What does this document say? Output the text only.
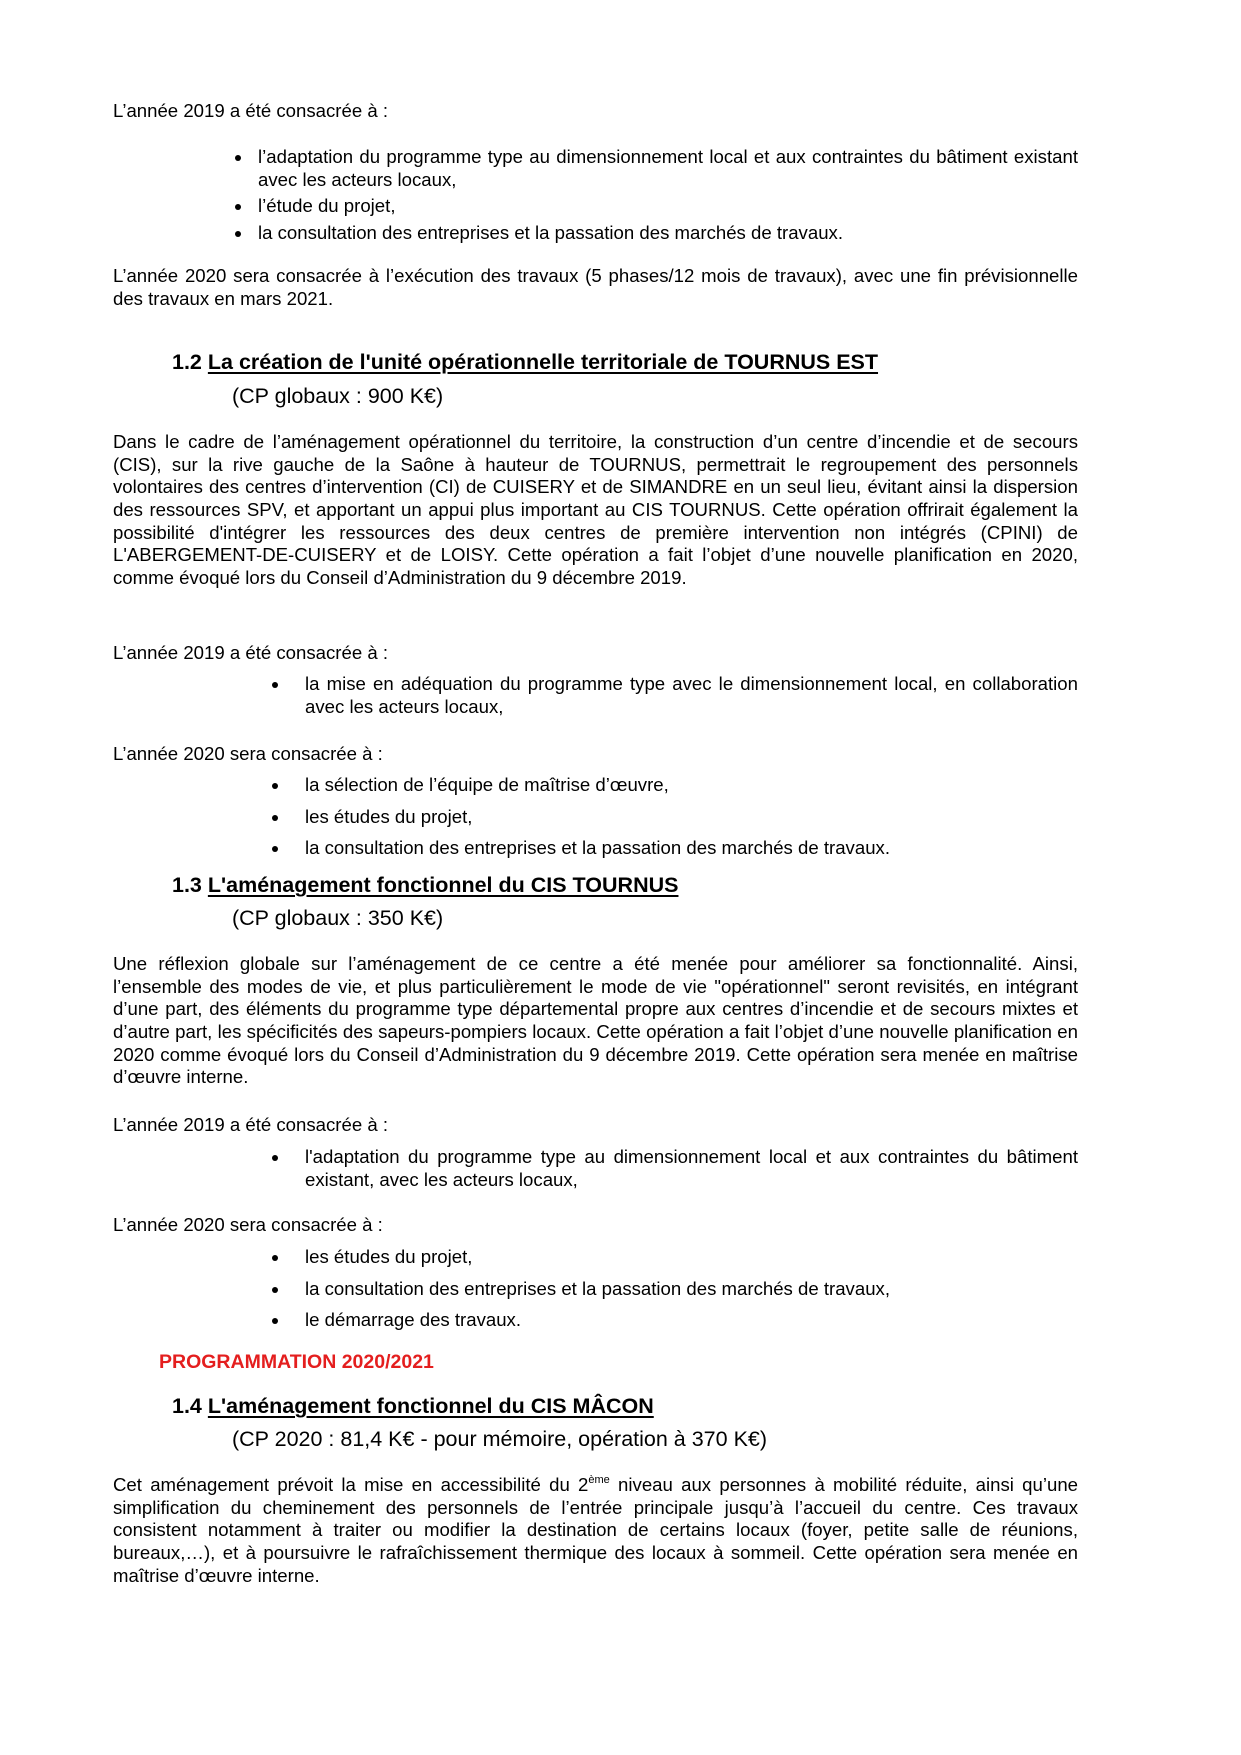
L’année 2019 a été consacrée à :

l’adaptation du programme type au dimensionnement local et aux contraintes du bâtiment existant avec les acteurs locaux,
l’étude du projet,
la consultation des entreprises et la passation des marchés de travaux.

L’année 2020 sera consacrée à l’exécution des travaux (5 phases/12 mois de travaux), avec une fin prévisionnelle des travaux en mars 2021.

1.2 La création de l'unité opérationnelle territoriale de TOURNUS EST

(CP globaux : 900 K€)

Dans le cadre de l’aménagement opérationnel du territoire, la construction d’un centre d’incendie et de secours (CIS), sur la rive gauche de la Saône à hauteur de TOURNUS, permettrait le regroupement des personnels volontaires des centres d’intervention (CI) de CUISERY et de SIMANDRE en un seul lieu, évitant ainsi la dispersion des ressources SPV, et apportant un appui plus important au CIS TOURNUS. Cette opération offrirait également la possibilité d'intégrer les ressources des deux centres de première intervention non intégrés (CPINI) de L'ABERGEMENT-DE-CUISERY et de LOISY. Cette opération a fait l’objet d’une nouvelle planification en 2020, comme évoqué lors du Conseil d’Administration du 9 décembre 2019.

L’année 2019 a été consacrée à :

la mise en adéquation du programme type avec le dimensionnement local, en collaboration avec les acteurs locaux,

L’année 2020 sera consacrée à :

la sélection de l’équipe de maîtrise d’œuvre,
les études du projet,
la consultation des entreprises et la passation des marchés de travaux.
1.3 L'aménagement fonctionnel du CIS TOURNUS

(CP globaux : 350 K€)

Une réflexion globale sur l’aménagement de ce centre a été menée pour améliorer sa fonctionnalité. Ainsi, l’ensemble des modes de vie, et plus particulièrement le mode de vie "opérationnel" seront revisités, en intégrant d’une part, des éléments du programme type départemental propre aux centres d’incendie et de secours mixtes et d’autre part, les spécificités des sapeurs-pompiers locaux. Cette opération a fait l’objet d’une nouvelle planification en 2020 comme évoqué lors du Conseil d’Administration du 9 décembre 2019. Cette opération sera menée en maîtrise d’œuvre interne.

L’année 2019 a été consacrée à :

l'adaptation du programme type au dimensionnement local et aux contraintes du bâtiment existant, avec les acteurs locaux,

L’année 2020 sera consacrée à :

les études du projet,
la consultation des entreprises et la passation des marchés de travaux,
le démarrage des travaux.

PROGRAMMATION 2020/2021

1.4 L'aménagement fonctionnel du CIS MÂCON

(CP 2020 : 81,4 K€ - pour mémoire, opération à 370 K€)

Cet aménagement prévoit la mise en accessibilité du 2ème niveau aux personnes à mobilité réduite, ainsi qu’une simplification du cheminement des personnels de l’entrée principale jusqu’à l’accueil du centre. Ces travaux consistent notamment à traiter ou modifier la destination de certains locaux (foyer, petite salle de réunions, bureaux,…), et à poursuivre le rafraîchissement thermique des locaux à sommeil. Cette opération sera menée en maîtrise d’œuvre interne.
